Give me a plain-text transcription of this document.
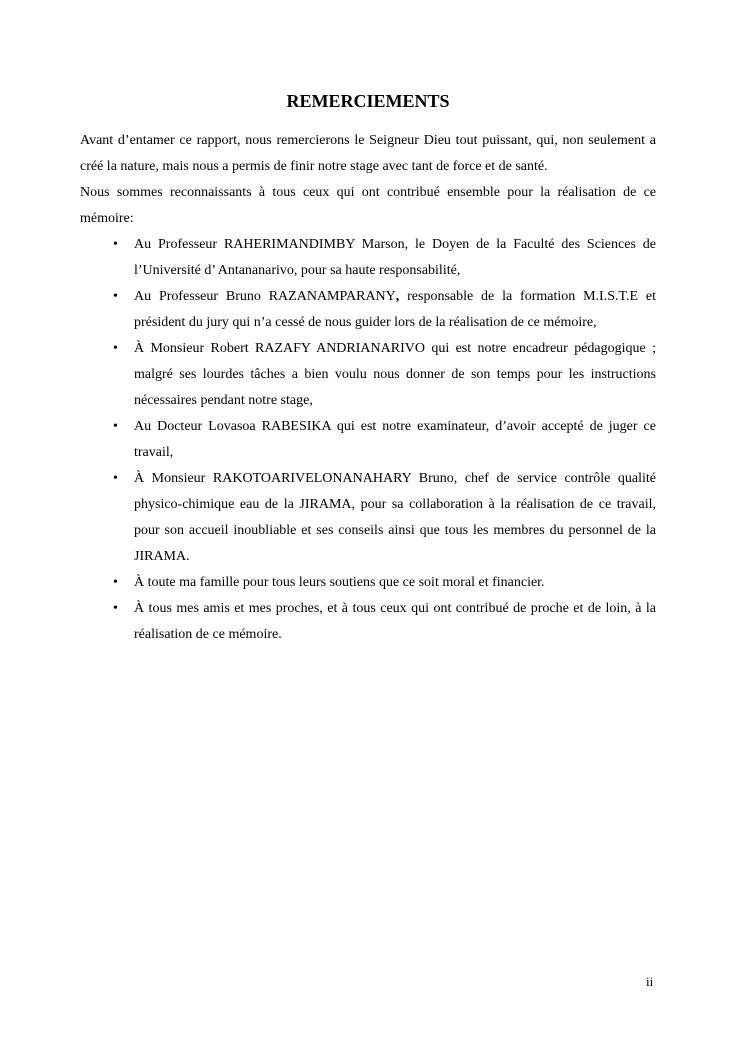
REMERCIEMENTS

Avant d’entamer ce rapport, nous remercierons le Seigneur Dieu tout puissant, qui, non seulement a créé la nature, mais nous a permis de finir notre stage avec tant de force et de santé.

Nous sommes reconnaissants à tous ceux qui ont contribué ensemble pour la réalisation de ce mémoire:

• Au Professeur RAHERIMANDIMBY Marson, le Doyen de la Faculté des Sciences de l’Université d’ Antananarivo, pour sa haute responsabilité,
• Au Professeur Bruno RAZANAMPARANY, responsable de la formation M.I.S.T.E et président du jury qui n’a cessé de nous guider lors de la réalisation de ce mémoire,
• À Monsieur Robert RAZAFY ANDRIANARIVO qui est notre encadreur pédagogique ; malgré ses lourdes tâches a bien voulu nous donner de son temps pour les instructions nécessaires pendant notre stage,
• Au Docteur Lovasoa RABESIKA qui est notre examinateur, d’avoir accepté de juger ce travail,
• À Monsieur RAKOTOARIVELONANAHARY Bruno, chef de service contrôle qualité physico-chimique eau de la JIRAMA, pour sa collaboration à la réalisation de ce travail, pour son accueil inoubliable et ses conseils ainsi que tous les membres du personnel de la JIRAMA.
• À toute ma famille pour tous leurs soutiens que ce soit moral et financier.
• À tous mes amis et mes proches, et à tous ceux qui ont contribué de proche et de loin, à la réalisation de ce mémoire.
ii
